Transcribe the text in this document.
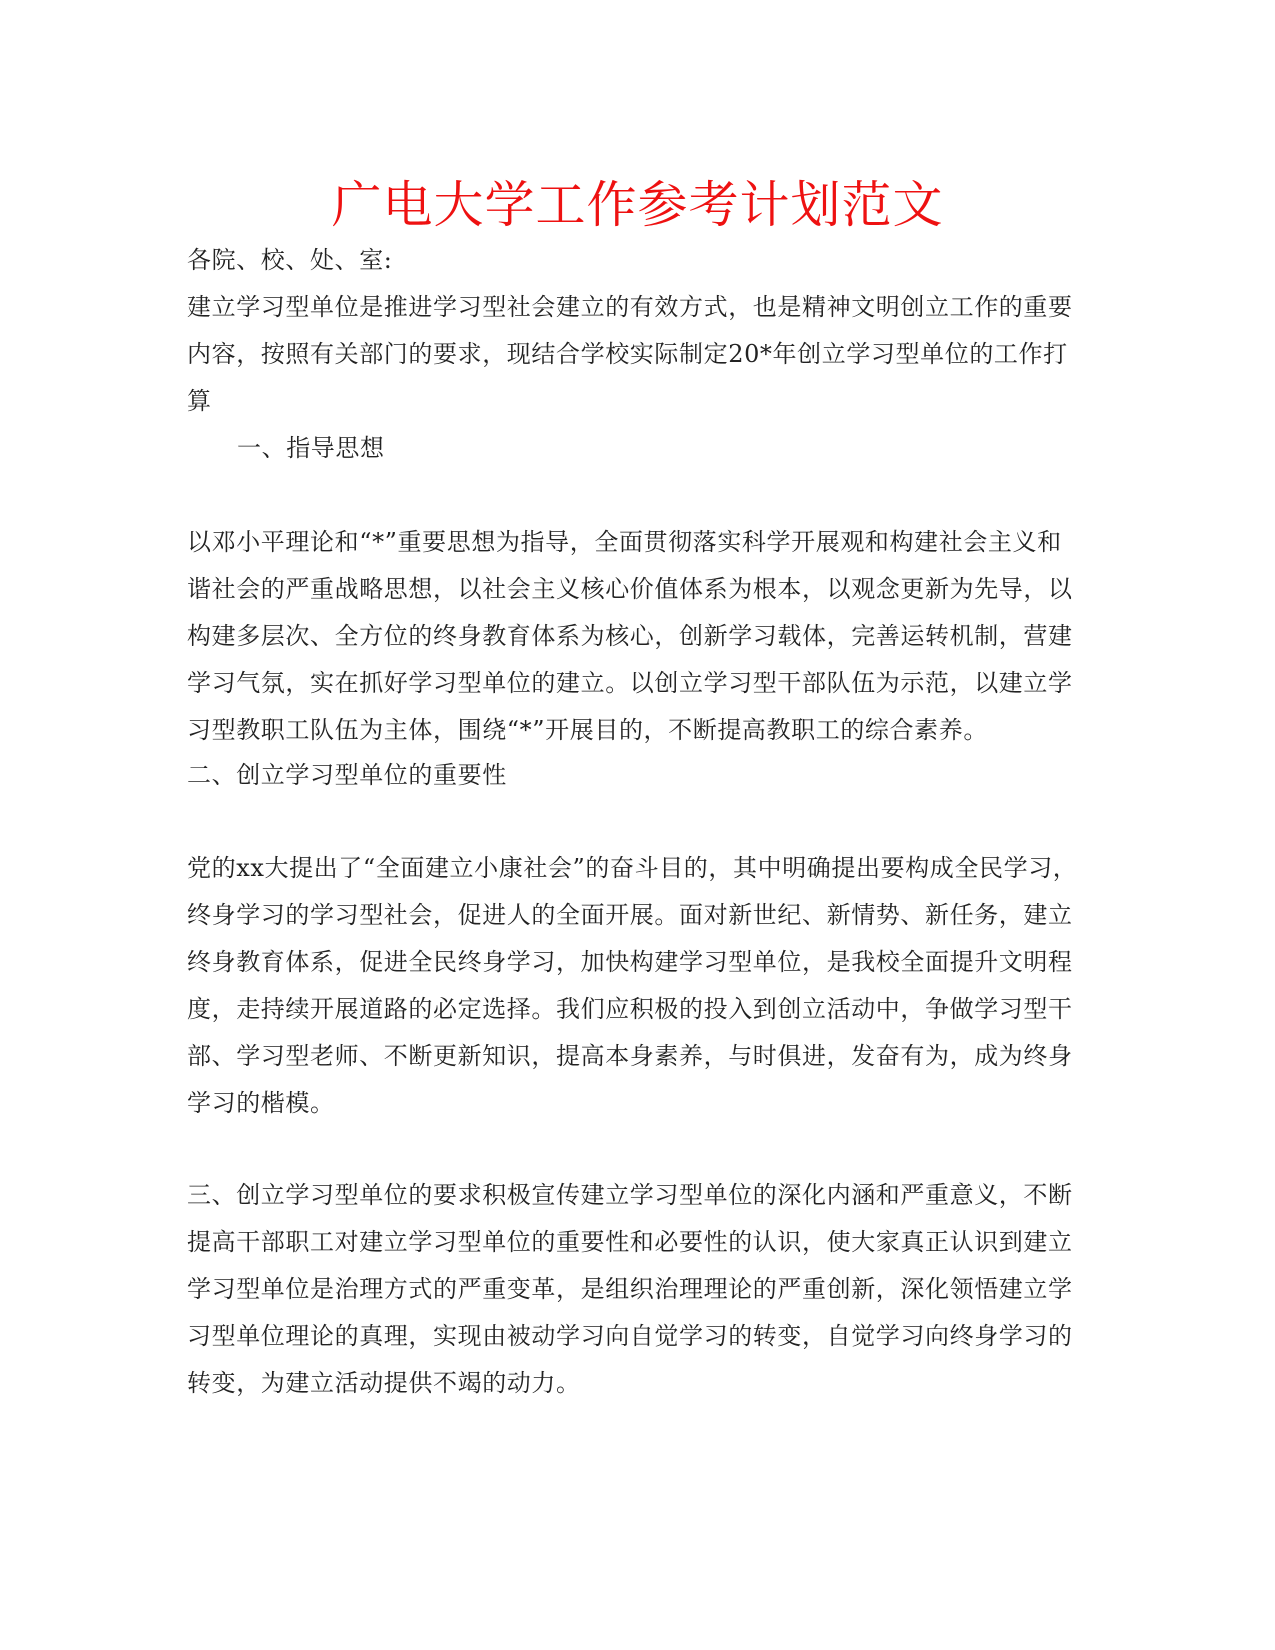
广电大学工作参考计划范文
各院、校、处、室:
建立学习型单位是推进学习型社会建立的有效方式，也是精神文明创立工作的重要
内容，按照有关部门的要求，现结合学校实际制定20*年创立学习型单位的工作打
算
一、指导思想
以邓小平理论和“*”重要思想为指导，全面贯彻落实科学开展观和构建社会主义和
谐社会的严重战略思想，以社会主义核心价值体系为根本，以观念更新为先导，以
构建多层次、全方位的终身教育体系为核心，创新学习载体，完善运转机制，营建
学习气氛，实在抓好学习型单位的建立。以创立学习型干部队伍为示范，以建立学
习型教职工队伍为主体，围绕“*”开展目的，不断提高教职工的综合素养。
二、创立学习型单位的重要性
党的xx大提出了“全面建立小康社会”的奋斗目的，其中明确提出要构成全民学习，
终身学习的学习型社会，促进人的全面开展。面对新世纪、新情势、新任务，建立
终身教育体系，促进全民终身学习，加快构建学习型单位，是我校全面提升文明程
度，走持续开展道路的必定选择。我们应积极的投入到创立活动中，争做学习型干
部、学习型老师、不断更新知识，提高本身素养，与时俱进，发奋有为，成为终身
学习的楷模。
三、创立学习型单位的要求积极宣传建立学习型单位的深化内涵和严重意义，不断
提高干部职工对建立学习型单位的重要性和必要性的认识，使大家真正认识到建立
学习型单位是治理方式的严重变革，是组织治理理论的严重创新，深化领悟建立学
习型单位理论的真理，实现由被动学习向自觉学习的转变，自觉学习向终身学习的
转变，为建立活动提供不竭的动力。
